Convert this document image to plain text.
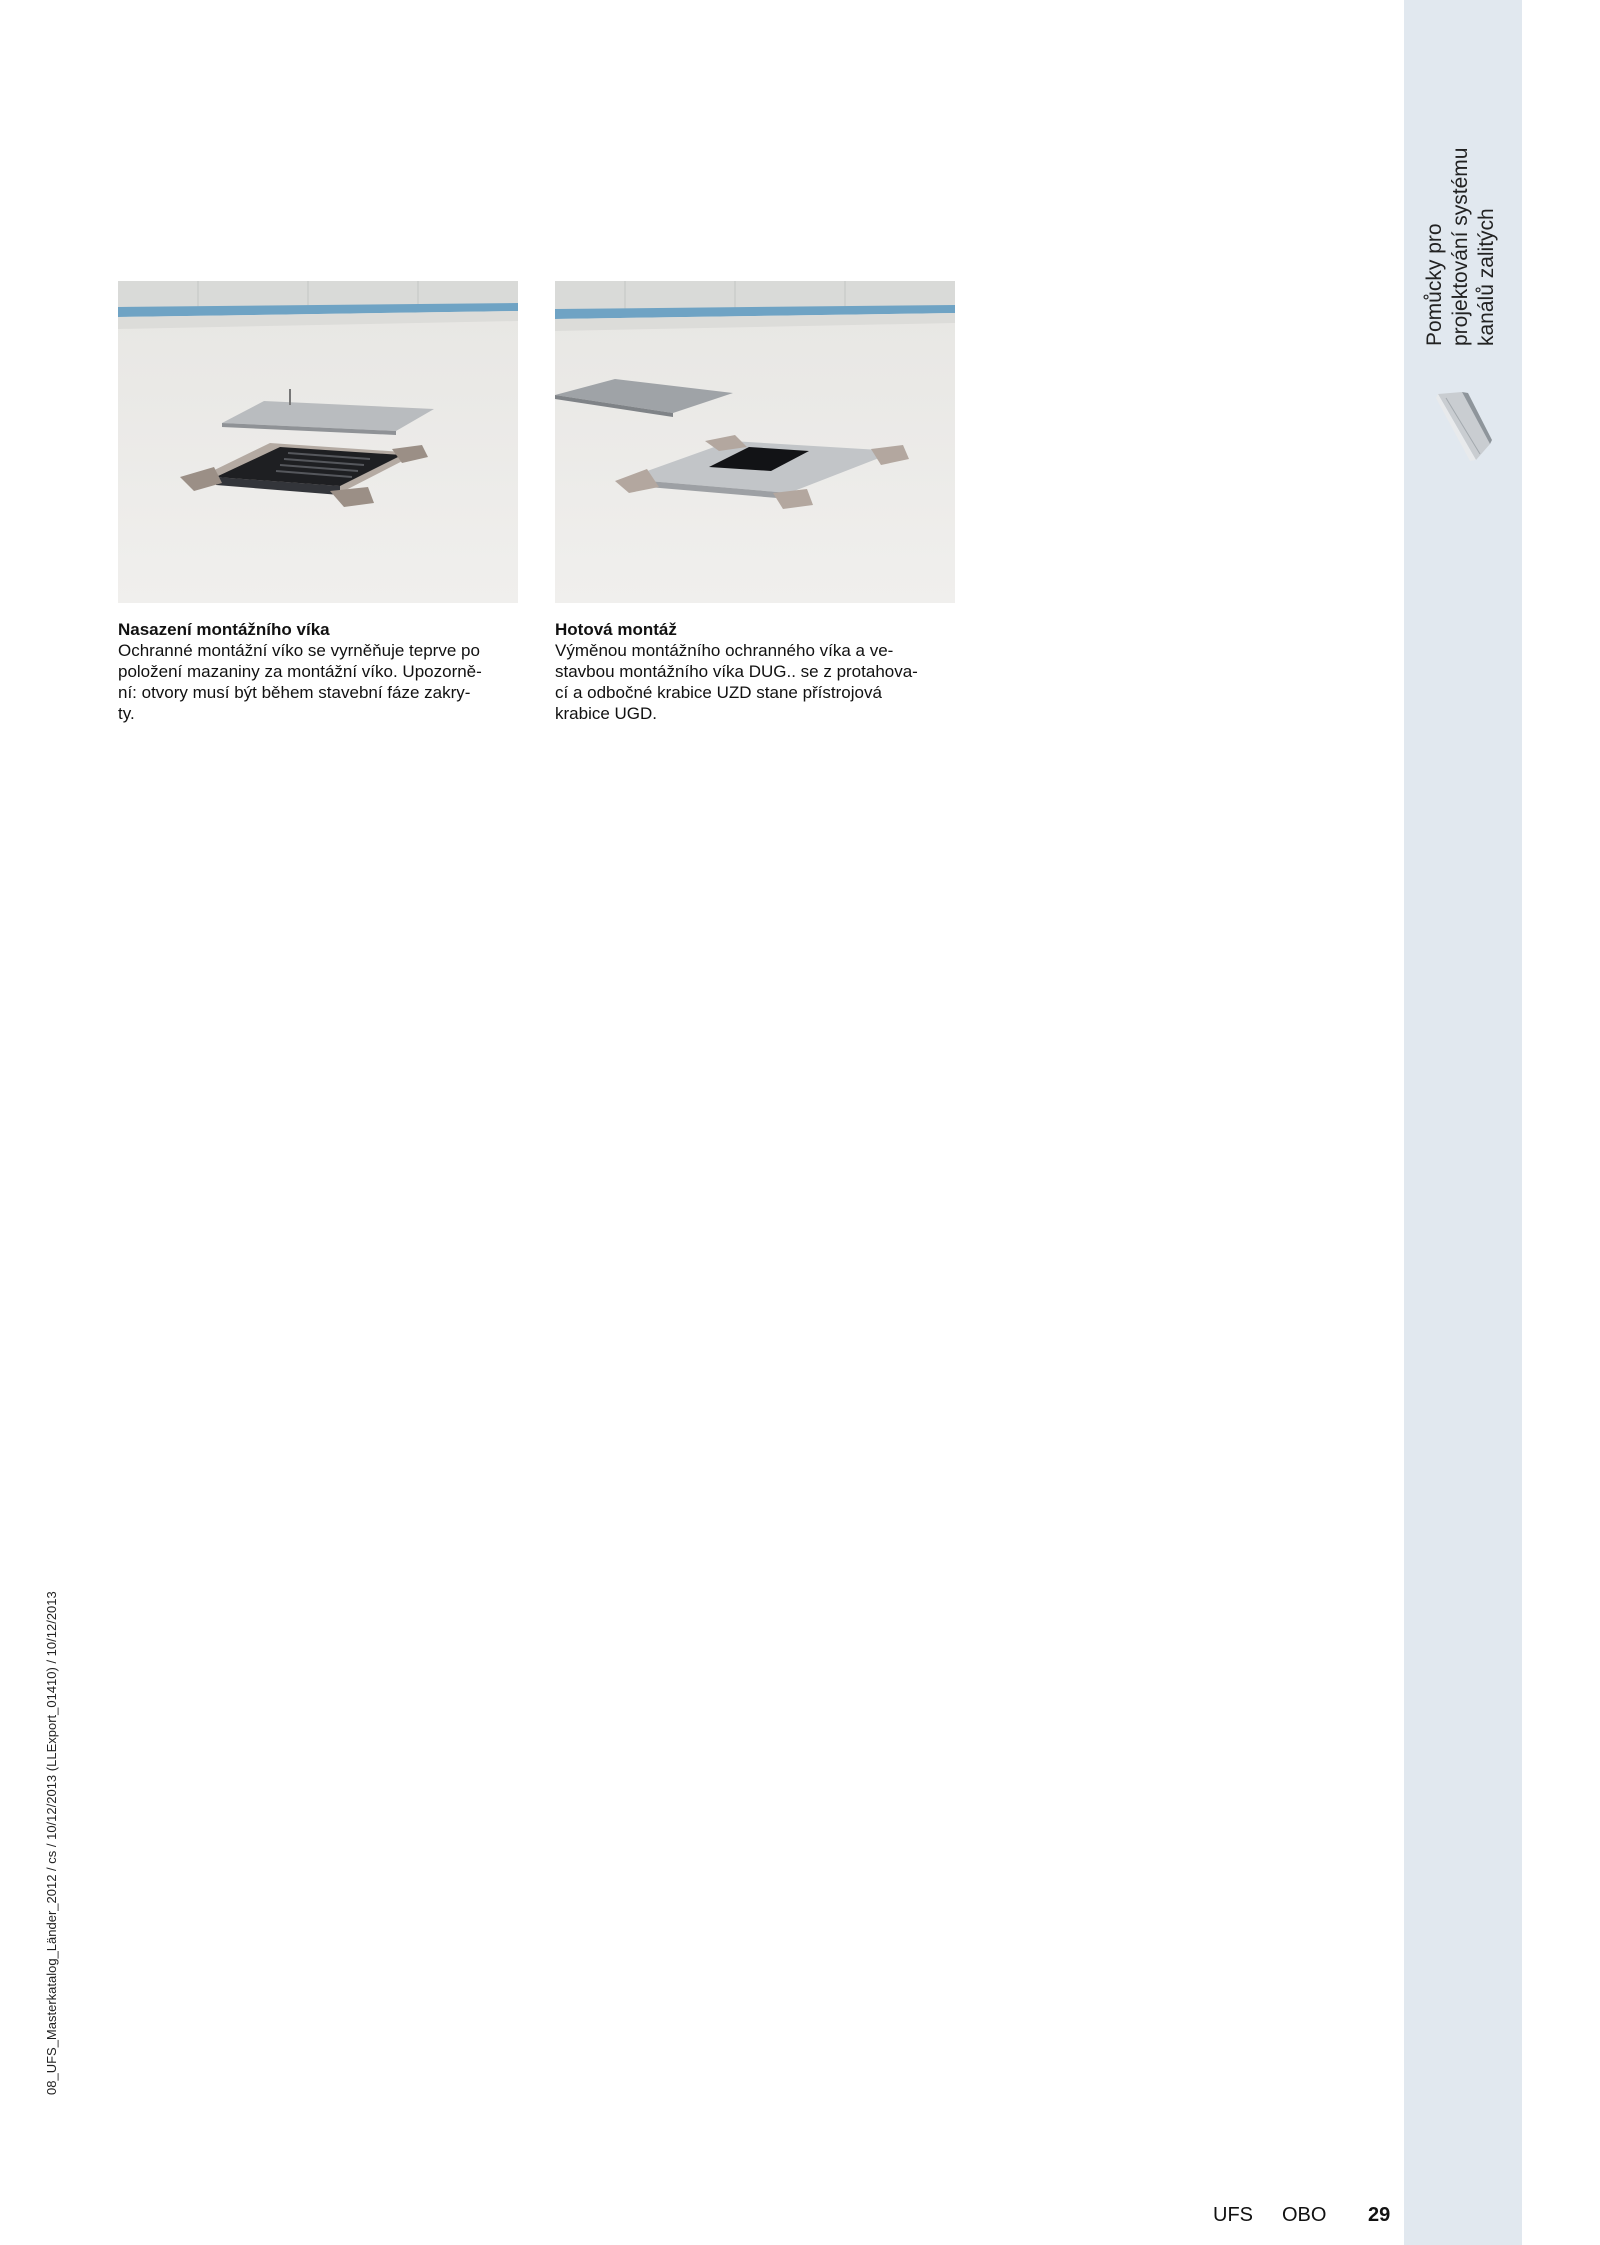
Pomůcky pro projektování systému kanálů zalitých
Nasazení montážního víka
Ochranné montážní víko se vyrněňuje teprve po
položení mazaniny za montážní víko. Upozorně-
ní: otvory musí být během stavební fáze zakry-
ty.
Hotová montáž
Výměnou montážního ochranného víka a ve-
stavbou montážního víka DUG.. se z protahova-
cí a odbočné krabice UZD stane přístrojová
krabice UGD.
08_UFS_Masterkatalog_Länder_2012 / cs / 10/12/2013 (LLExport_01410) / 10/12/2013
UFS OBO 29
